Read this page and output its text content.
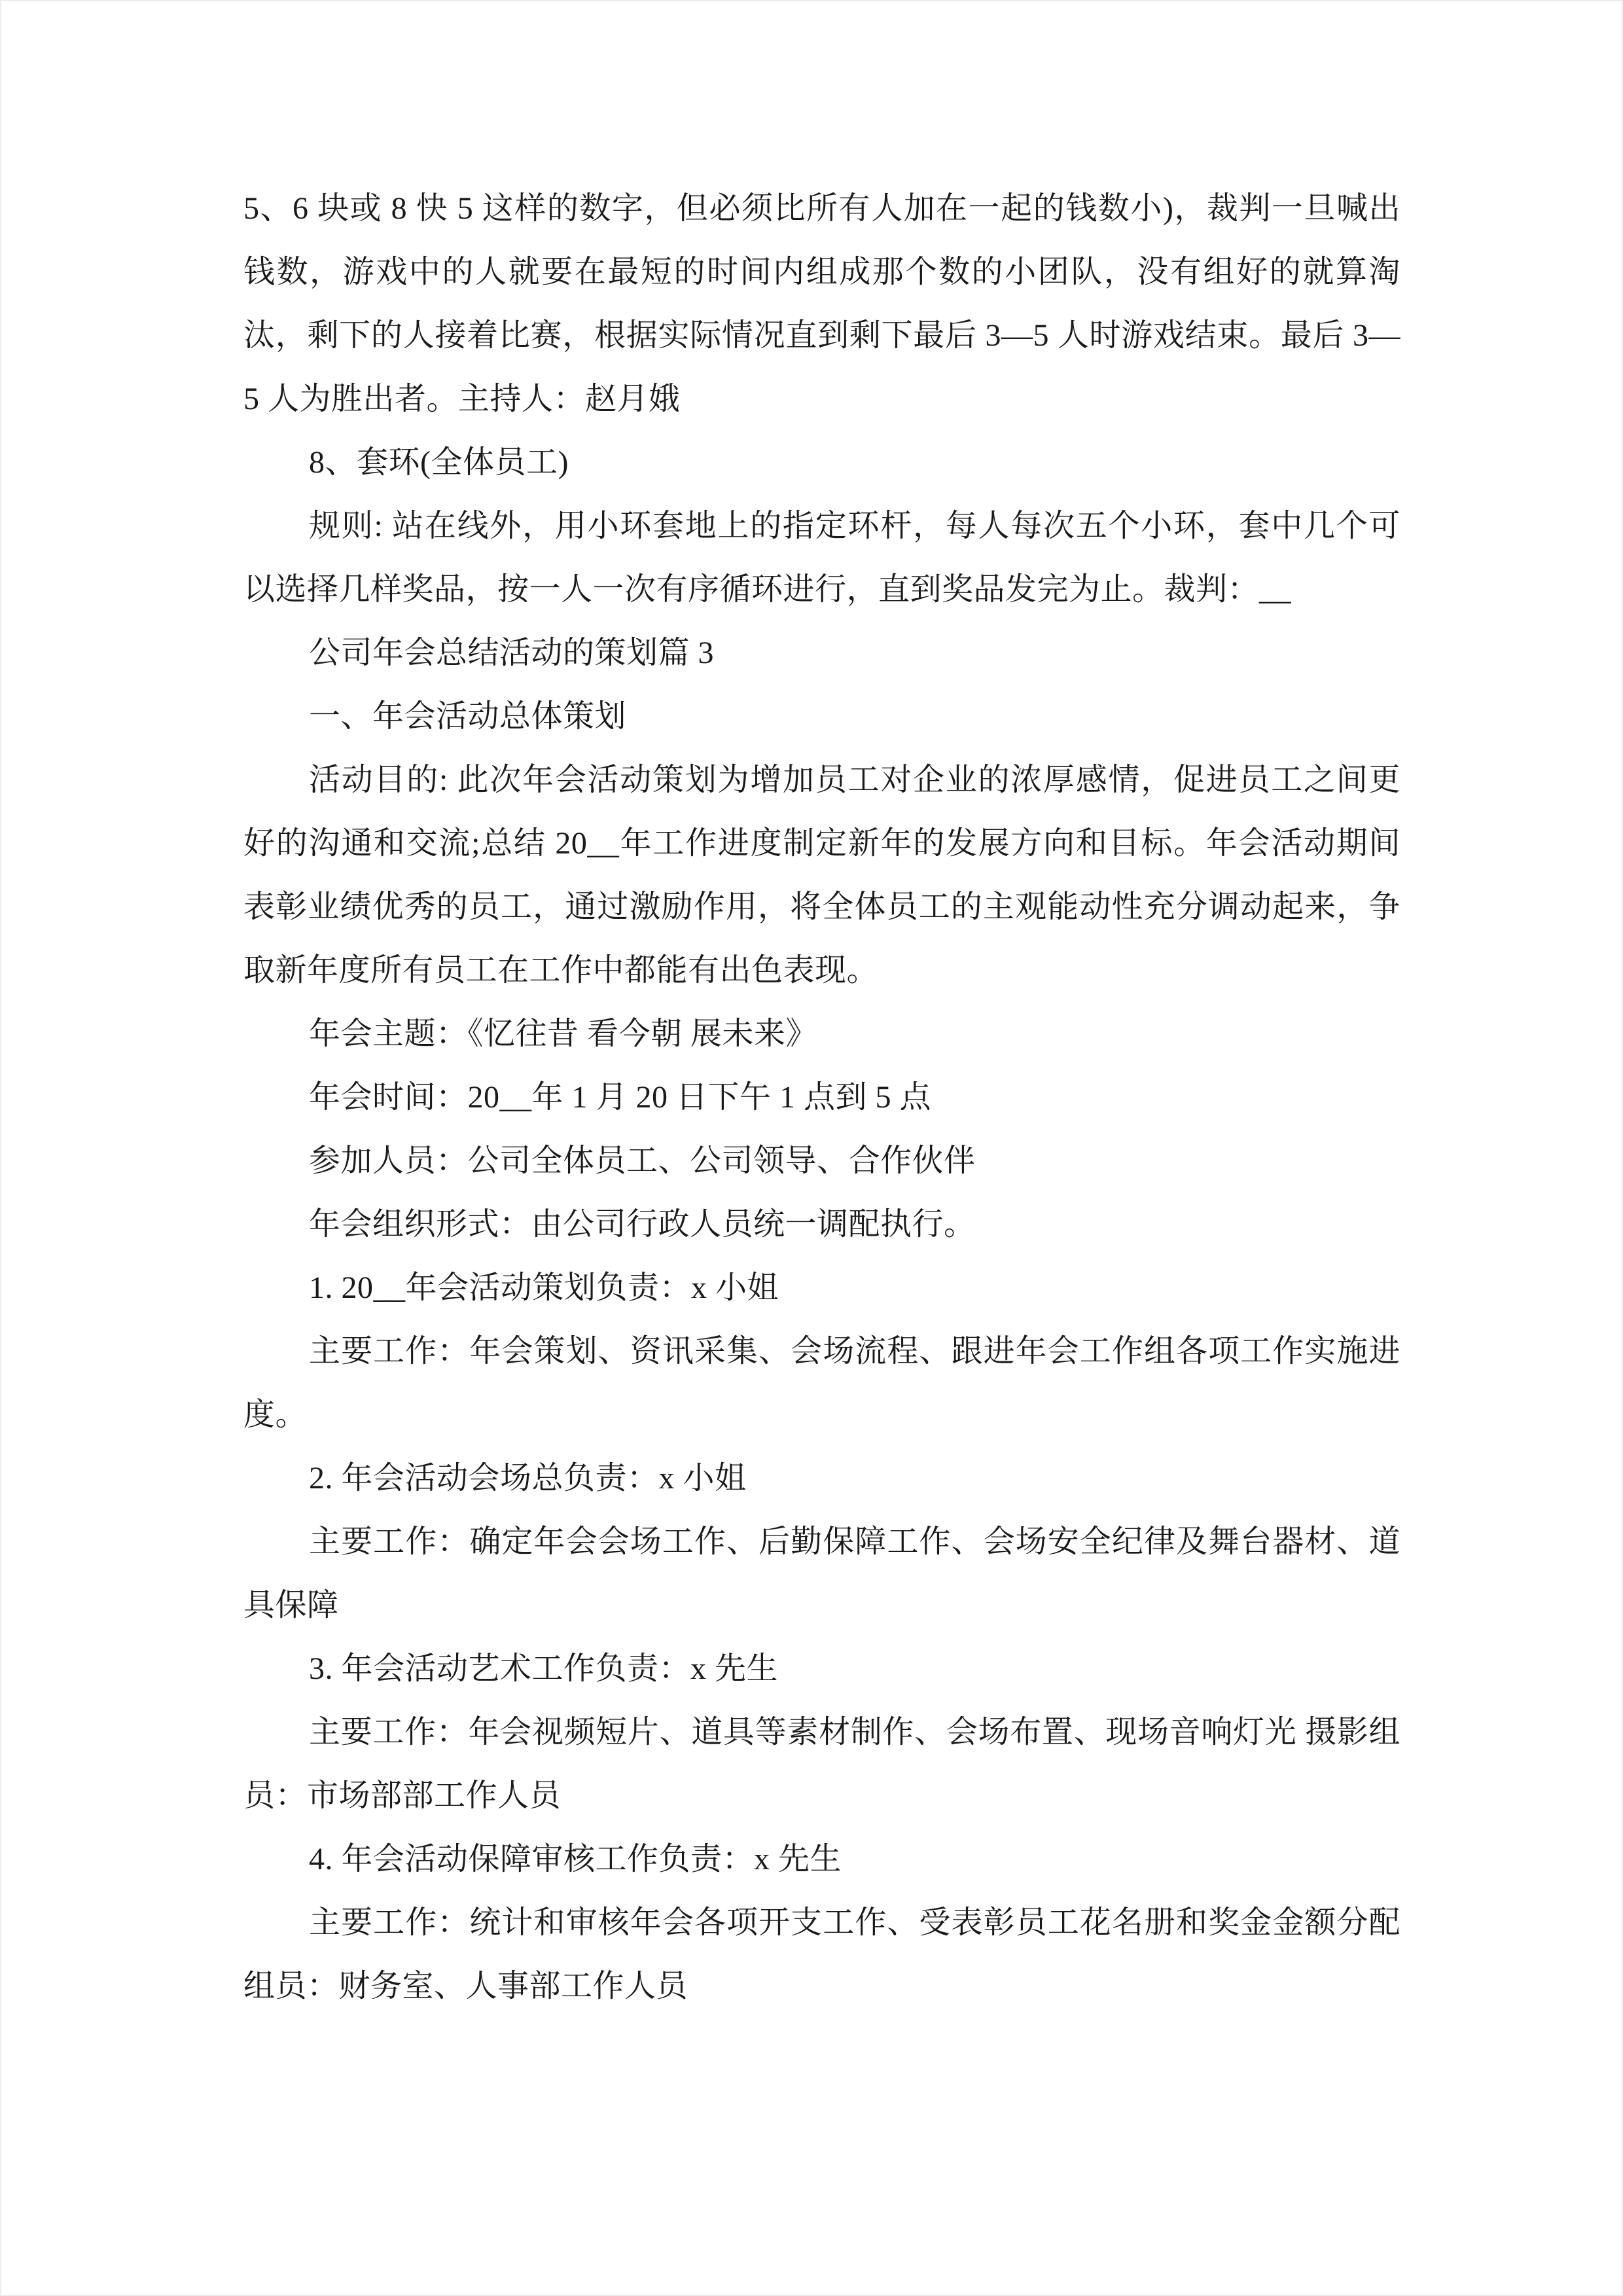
5、6 块或 8 快 5 这样的数字，但必须比所有人加在一起的钱数小)，裁判一旦喊出钱数，游戏中的人就要在最短的时间内组成那个数的小团队，没有组好的就算淘汰，剩下的人接着比赛，根据实际情况直到剩下最后 3—5 人时游戏结束。最后 3—5 人为胜出者。主持人：赵月娥

8、套环(全体员工)

规则: 站在线外，用小环套地上的指定环杆，每人每次五个小环，套中几个可以选择几样奖品，按一人一次有序循环进行，直到奖品发完为止。裁判：__

公司年会总结活动的策划篇 3

一、年会活动总体策划

活动目的: 此次年会活动策划为增加员工对企业的浓厚感情，促进员工之间更好的沟通和交流;总结 20__年工作进度制定新年的发展方向和目标。年会活动期间表彰业绩优秀的员工，通过激励作用，将全体员工的主观能动性充分调动起来，争取新年度所有员工在工作中都能有出色表现。

年会主题：《忆往昔 看今朝 展未来》

年会时间：20__年 1 月 20 日下午 1 点到 5 点

参加人员：公司全体员工、公司领导、合作伙伴

年会组织形式：由公司行政人员统一调配执行。

1. 20__年会活动策划负责：x 小姐

主要工作：年会策划、资讯采集、会场流程、跟进年会工作组各项工作实施进度。

2. 年会活动会场总负责：x 小姐

主要工作：确定年会会场工作、后勤保障工作、会场安全纪律及舞台器材、道具保障

3. 年会活动艺术工作负责：x 先生

主要工作：年会视频短片、道具等素材制作、会场布置、现场音响灯光 摄影组员：市场部部工作人员

4. 年会活动保障审核工作负责：x 先生

主要工作：统计和审核年会各项开支工作、受表彰员工花名册和奖金金额分配 组员：财务室、人事部工作人员
